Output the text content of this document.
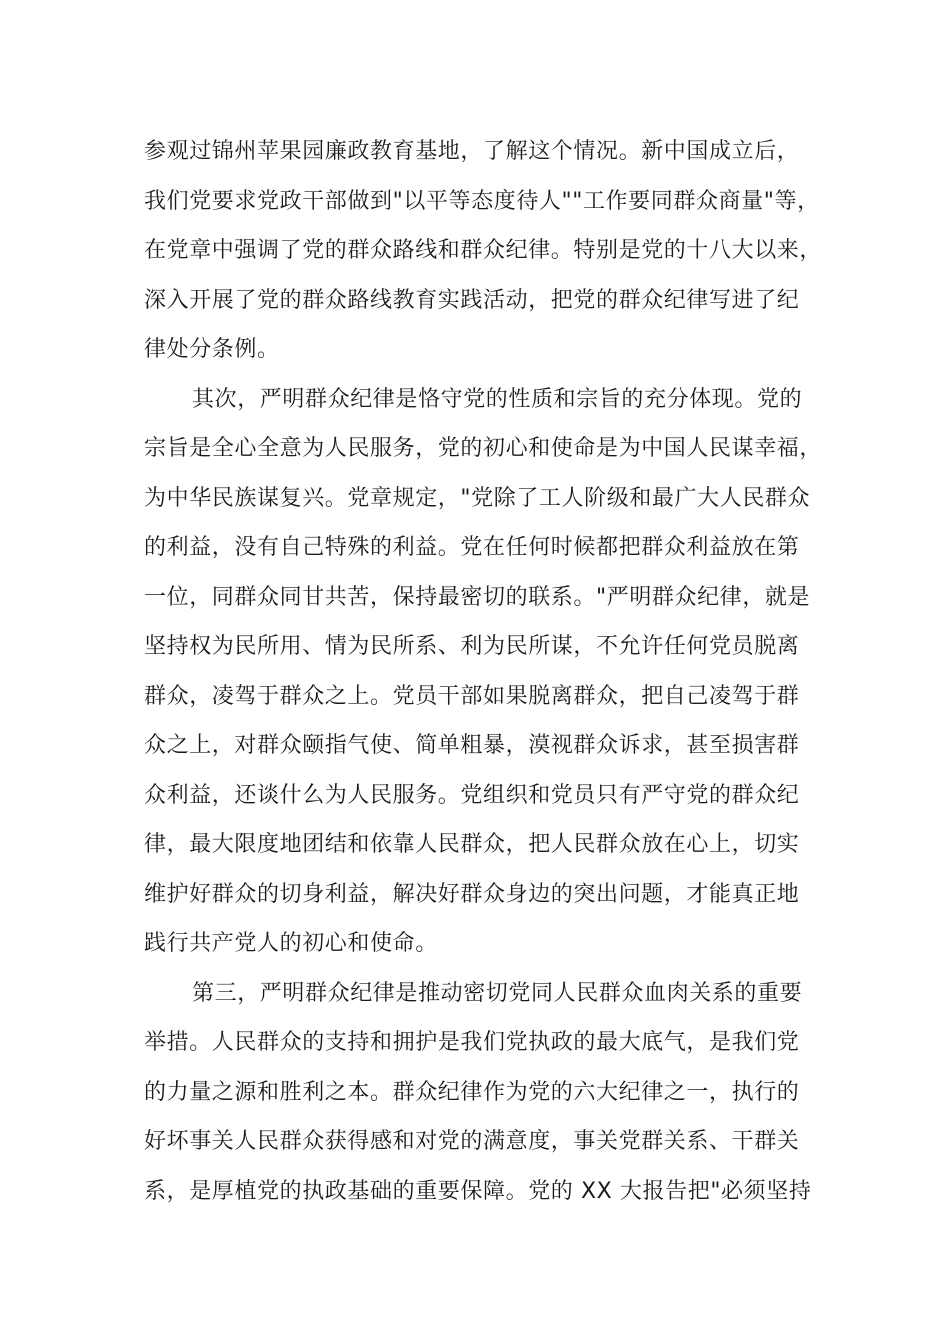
参观过锦州苹果园廉政教育基地，了解这个情况。新中国成立后，
我们党要求党政干部做到"以平等态度待人""工作要同群众商量"等，
在党章中强调了党的群众路线和群众纪律。特别是党的十八大以来，
深入开展了党的群众路线教育实践活动，把党的群众纪律写进了纪
律处分条例。
其次，严明群众纪律是恪守党的性质和宗旨的充分体现。党的
宗旨是全心全意为人民服务，党的初心和使命是为中国人民谋幸福，
为中华民族谋复兴。党章规定，"党除了工人阶级和最广大人民群众
的利益，没有自己特殊的利益。党在任何时候都把群众利益放在第
一位，同群众同甘共苦，保持最密切的联系。"严明群众纪律，就是
坚持权为民所用、情为民所系、利为民所谋，不允许任何党员脱离
群众，凌驾于群众之上。党员干部如果脱离群众，把自己凌驾于群
众之上，对群众颐指气使、简单粗暴，漠视群众诉求，甚至损害群
众利益，还谈什么为人民服务。党组织和党员只有严守党的群众纪
律，最大限度地团结和依靠人民群众，把人民群众放在心上，切实
维护好群众的切身利益，解决好群众身边的突出问题，才能真正地
践行共产党人的初心和使命。
第三，严明群众纪律是推动密切党同人民群众血肉关系的重要
举措。人民群众的支持和拥护是我们党执政的最大底气，是我们党
的力量之源和胜利之本。群众纪律作为党的六大纪律之一，执行的
好坏事关人民群众获得感和对党的满意度，事关党群关系、干群关
系，是厚植党的执政基础的重要保障。党的 XX 大报告把"必须坚持
